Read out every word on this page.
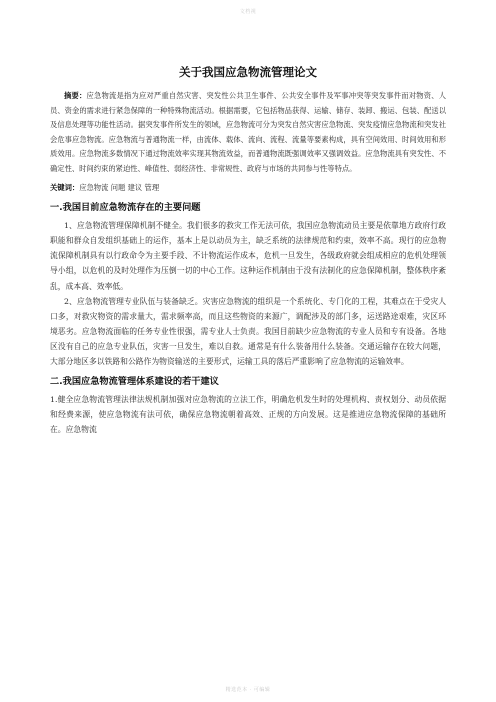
文档视
关于我国应急物流管理论文

摘要：应急物流是指为应对严重自然灾害、突发性公共卫生事件、公共安全事件及军事冲突等突发事件而对物资、人员、资金的需求进行紧急保障的一种特殊物流活动。根据需要，它包括物品获得、运输、储存、装卸、搬运、包装、配送以及信息处理等功能性活动。据突发事件所发生的领域，应急物流可分为突发自然灾害应急物流、突发疫情应急物流和突发社会危事应急物流。应急物流与普通物流一样，由流体、载体、流向、流程、流量等要素构成，具有空间效用、时间效用和形质效用。应急物流多数情况下通过物流效率实现其物流效益，而普通物流既强调效率又强调效益。应急物流具有突发性、不确定性、时间约束的紧迫性、峰值性、弱经济性、非常规性、政府与市场的共同参与性等特点。

关键词：应急物流 问题 建议 管理

一.我国目前应急物流存在的主要问题

1、应急物流管理保障机制不健全。我们很多的救灾工作无法可依，我国应急物流动员主要是依靠地方政府行政职能和群众自发组织基础上的运作，基本上是以动员为主，缺乏系统的法律规范和约束，效率不高。现行的应急物流保障机制具有以行政命令为主要手段、不计物流运作成本，危机一旦发生，各级政府就会组成相应的危机处理领导小组，以危机的及时处理作为压倒一切的中心工作。这种运作机制由于没有法制化的应急保障机制，整体秩序紊乱，成本高、效率低。

2、应急物流管理专业队伍与装备缺乏。灾害应急物流的组织是一个系统化、专门化的工程，其难点在于受灾人口多，对救灾物资的需求量大，需求频率高，而且这些物资的来源广，调配涉及的部门多，运送路途艰难，灾区环境恶劣。应急物流面临的任务专业性很强，需专业人士负责。我国目前缺少应急物流的专业人员和专有设备。各地区没有自己的应急专业队伍，灾害一旦发生，难以自救。通常是有什么装备用什么装备。交通运输存在较大问题，大部分地区多以铁路和公路作为物资输送的主要形式，运输工具的落后严重影响了应急物流的运输效率。

二.我国应急物流管理体系建设的若干建议

1.健全应急物流管理法律法规机制加强对应急物流的立法工作，明确危机发生时的处理机构、责权划分、动员依据和经费来源，使应急物流有法可依，确保应急物流朝着高效、正规的方向发展。这是推进应急物流保障的基础所在。应急物流

精选范本 · 可编辑
